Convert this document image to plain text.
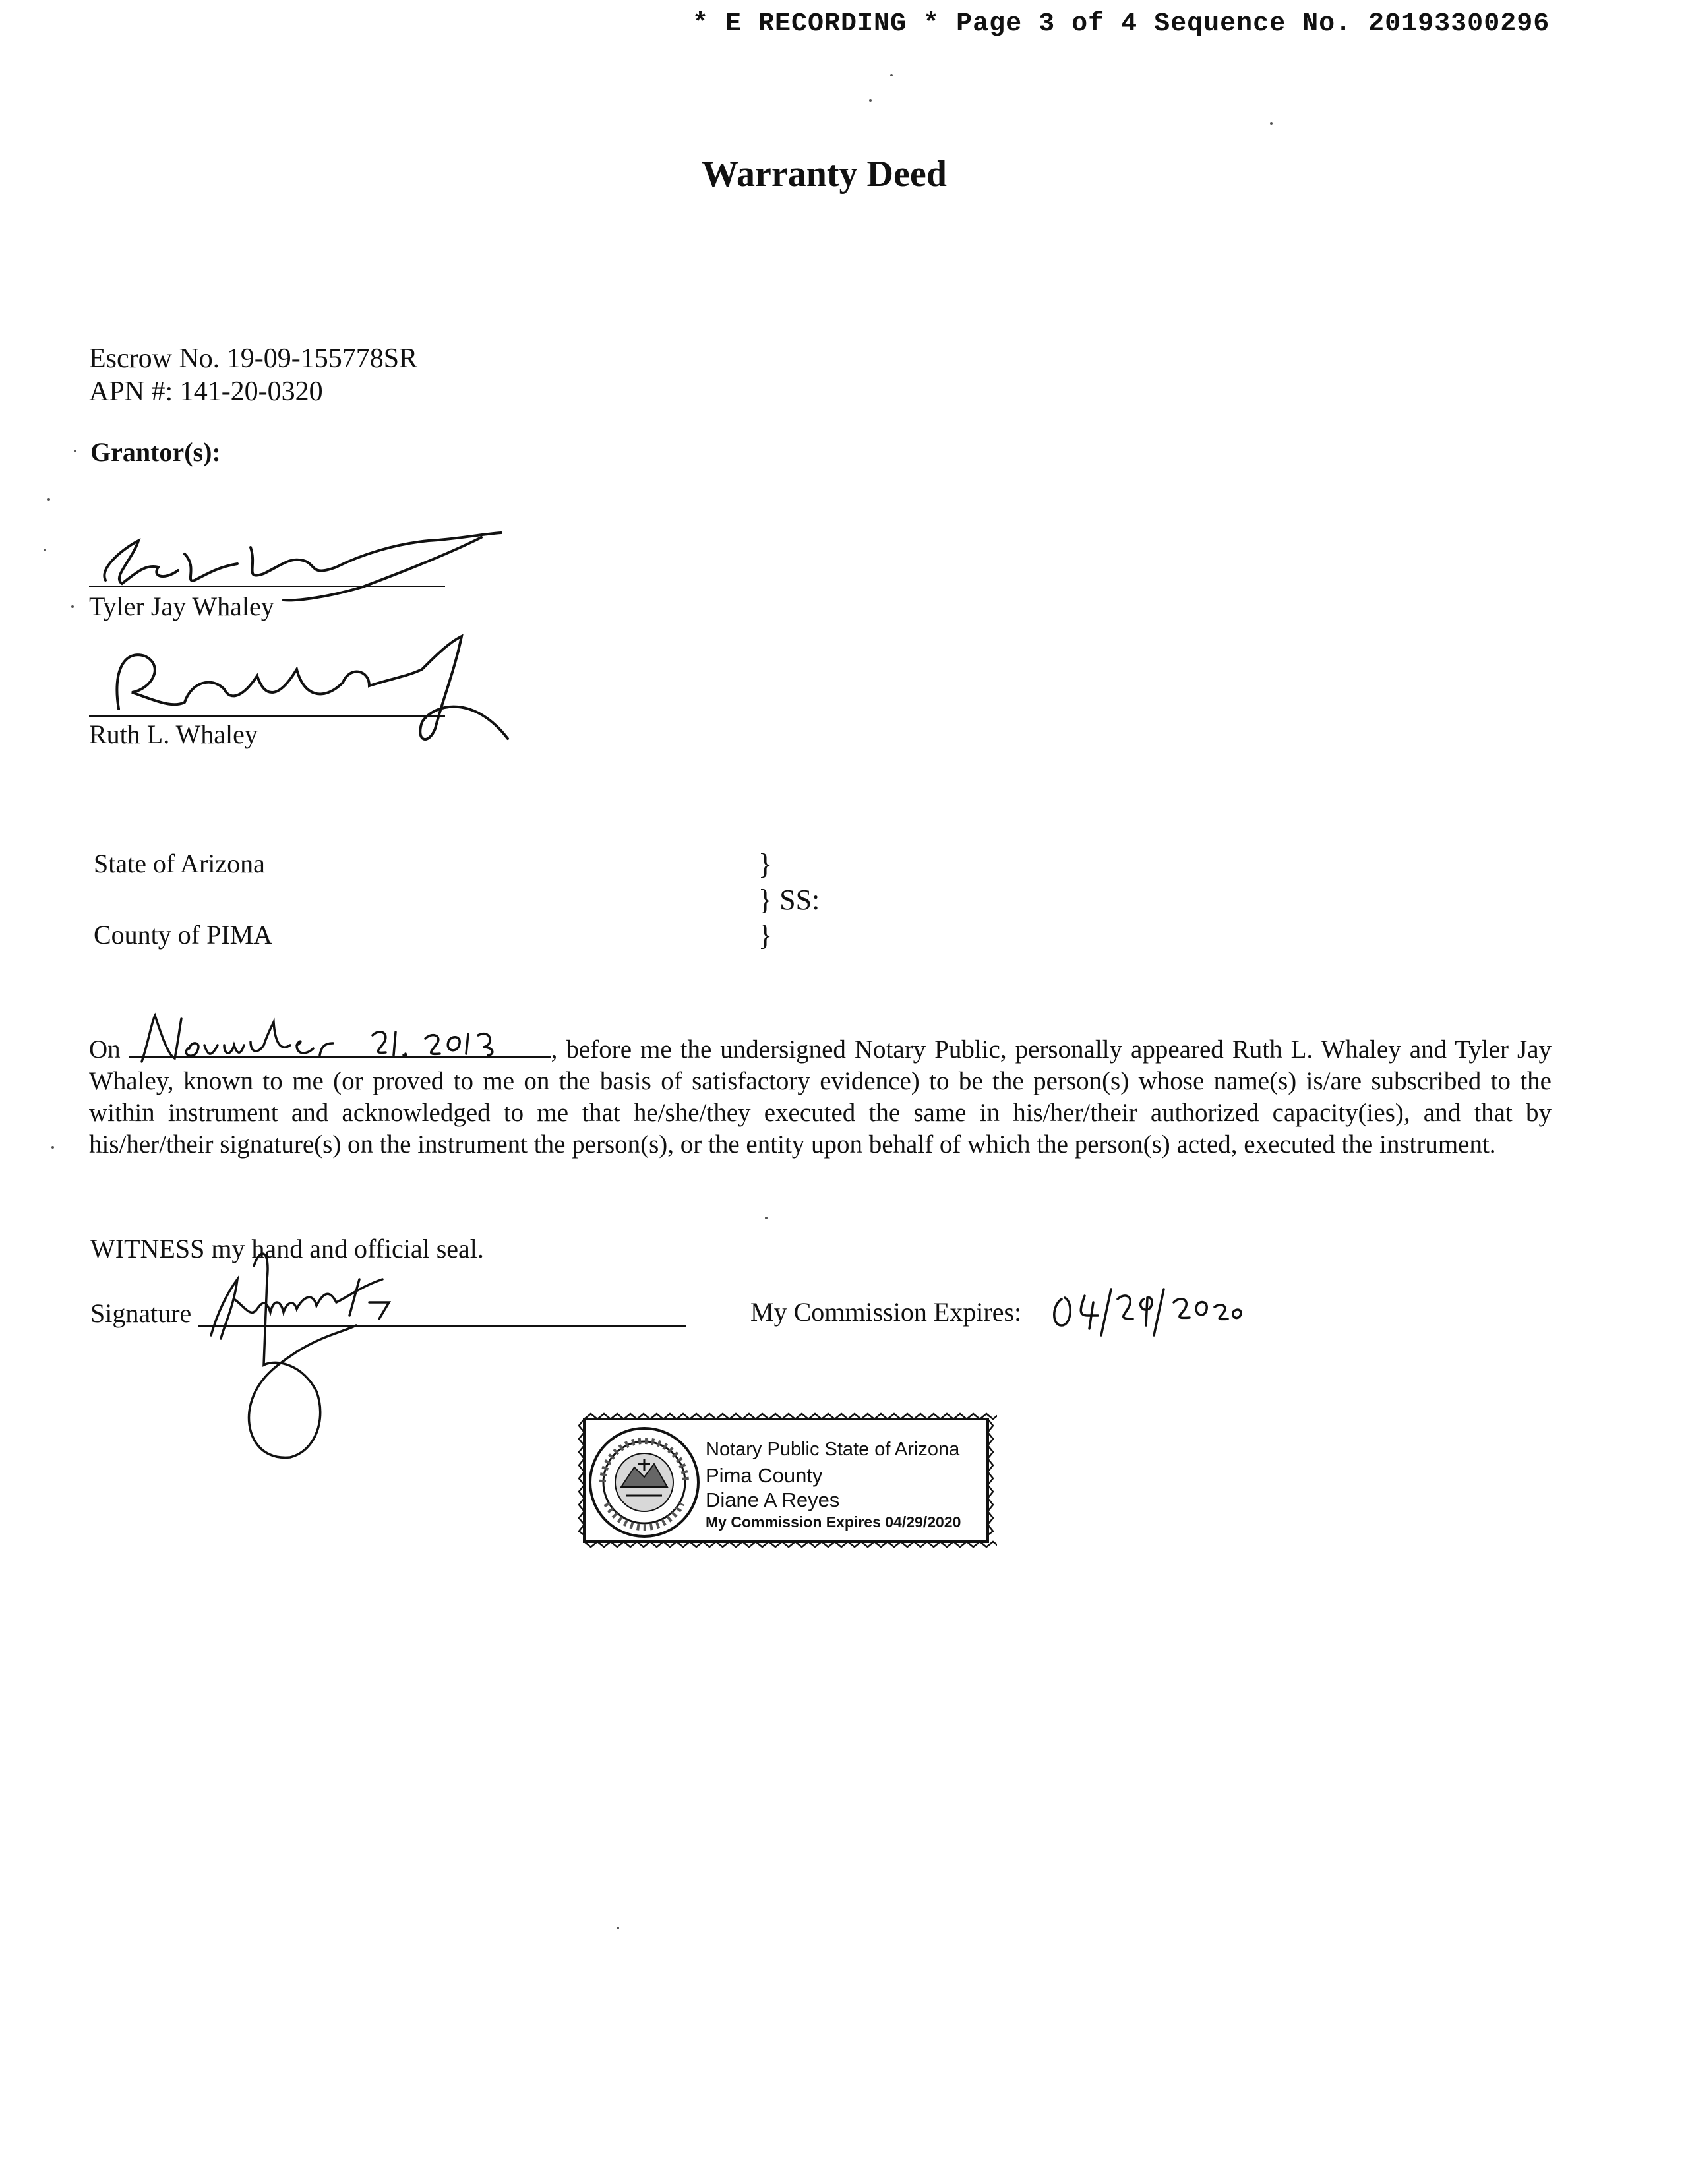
* E RECORDING * Page 3 of 4 Sequence No. 20193300296
Warranty Deed
Escrow No. 19-09-155778SR
APN #: 141-20-0320
Grantor(s):
Tyler Jay Whaley
Ruth L. Whaley
State of Arizona
County of PIMA
}
} SS:
}
On	, before me the undersigned Notary Public, personally appeared Ruth L. Whaley and Tyler Jay Whaley, known to me (or proved to me on the basis of satisfactory evidence) to be the person(s) whose name(s) is/are subscribed to the within instrument and acknowledged to me that he/she/they executed the same in his/her/their authorized capacity(ies), and that by his/her/their signature(s) on the instrument the person(s), or the entity upon behalf of which the person(s) acted, executed the instrument.
WITNESS my hand and official seal.
Signature	My Commission Expires:
Notary Public State of Arizona
Pima County
Diane A Reyes
My Commission Expires 04/29/2020
